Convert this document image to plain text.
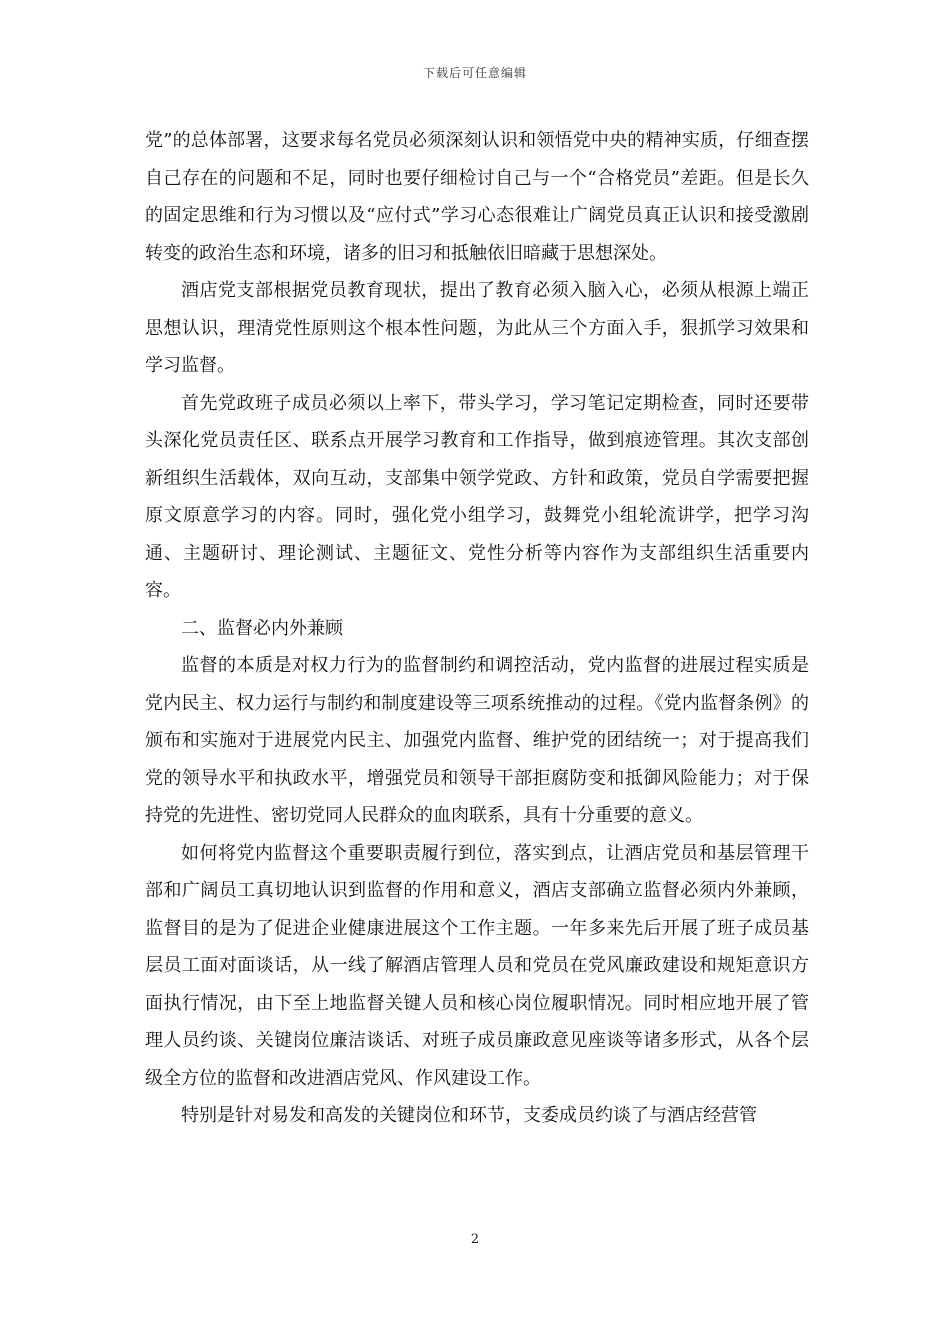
下载后可任意编辑

党”的总体部署，这要求每名党员必须深刻认识和领悟党中央的精神实质，仔细查摆自己存在的问题和不足，同时也要仔细检讨自己与一个“合格党员”差距。但是长久的固定思维和行为习惯以及“应付式”学习心态很难让广阔党员真正认识和接受激剧转变的政治生态和环境，诸多的旧习和抵触依旧暗藏于思想深处。

酒店党支部根据党员教育现状，提出了教育必须入脑入心，必须从根源上端正思想认识，理清党性原则这个根本性问题，为此从三个方面入手，狠抓学习效果和学习监督。

首先党政班子成员必须以上率下，带头学习，学习笔记定期检查，同时还要带头深化党员责任区、联系点开展学习教育和工作指导，做到痕迹管理。其次支部创新组织生活载体，双向互动，支部集中领学党政、方针和政策，党员自学需要把握原文原意学习的内容。同时，强化党小组学习，鼓舞党小组轮流讲学，把学习沟通、主题研讨、理论测试、主题征文、党性分析等内容作为支部组织生活重要内容。

二、监督必内外兼顾

监督的本质是对权力行为的监督制约和调控活动，党内监督的进展过程实质是党内民主、权力运行与制约和制度建设等三项系统推动的过程。《党内监督条例》的颁布和实施对于进展党内民主、加强党内监督、维护党的团结统一；对于提高我们党的领导水平和执政水平，增强党员和领导干部拒腐防变和抵御风险能力；对于保持党的先进性、密切党同人民群众的血肉联系，具有十分重要的意义。

如何将党内监督这个重要职责履行到位，落实到点，让酒店党员和基层管理干部和广阔员工真切地认识到监督的作用和意义，酒店支部确立监督必须内外兼顾，监督目的是为了促进企业健康进展这个工作主题。一年多来先后开展了班子成员基层员工面对面谈话，从一线了解酒店管理人员和党员在党风廉政建设和规矩意识方面执行情况，由下至上地监督关键人员和核心岗位履职情况。同时相应地开展了管理人员约谈、关键岗位廉洁谈话、对班子成员廉政意见座谈等诸多形式，从各个层级全方位的监督和改进酒店党风、作风建设工作。

特别是针对易发和高发的关键岗位和环节，支委成员约谈了与酒店经营管

2
